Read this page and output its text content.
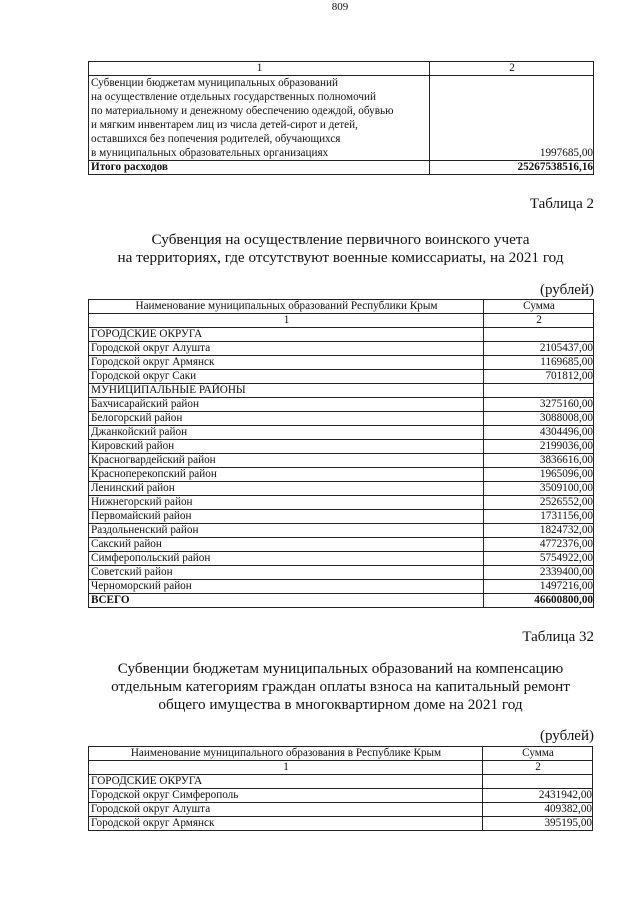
809
1	2

Субвенции бюджетам муниципальных образований
на осуществление отдельных государственных полномочий
по материальному и денежному обеспечению одеждой, обувью
и мягким инвентарем лиц из числа детей-сирот и детей,
оставшихся без попечения родителей, обучающихся
в муниципальных образовательных организациях	1997685,00
Итого расходов	25267538516,16
Таблица 2
Субвенция на осуществление первичного воинского учета
на территориях, где отсутствуют военные комиссариаты, на 2021 год
(рублей)
Наименование муниципальных образований Республики Крым	Сумма
1	2
ГОРОДСКИЕ ОКРУГА	
Городской округ Алушта	2105437,00
Городской округ Армянск	1169685,00
Городской округ Саки	701812,00
МУНИЦИПАЛЬНЫЕ РАЙОНЫ	
Бахчисарайский район	3275160,00
Белогорский район	3088008,00
Джанкойский район	4304496,00
Кировский район	2199036,00
Красногвардейский район	3836616,00
Красноперекопский район	1965096,00
Ленинский район	3509100,00
Нижнегорский район	2526552,00
Первомайский район	1731156,00
Раздольненский район	1824732,00
Сакский район	4772376,00
Симферопольский район	5754922,00
Советский район	2339400,00
Черноморский район	1497216,00
ВСЕГО	46600800,00
Таблица 32
Субвенции бюджетам муниципальных образований на компенсацию
отдельным категориям граждан оплаты взноса на капитальный ремонт
общего имущества в многоквартирном доме на 2021 год
(рублей)
Наименование муниципального образования в Республике Крым	Сумма
1	2
ГОРОДСКИЕ ОКРУГА	
Городской округ Симферополь	2431942,00
Городской округ Алушта	409382,00
Городской округ Армянск	395195,00
